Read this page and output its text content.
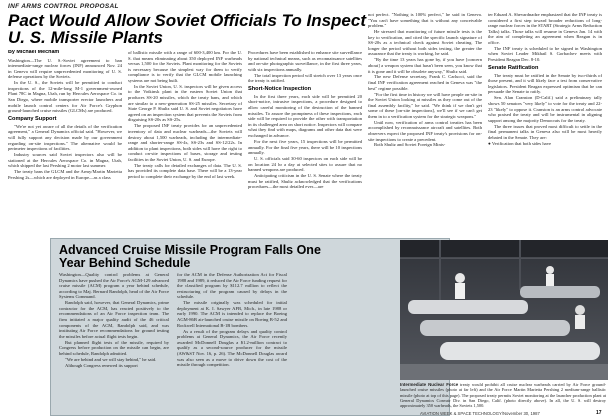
INF ARMS CONTROL PROPOSAL
Pact Would Allow Soviet Officials To Inspect U. S. Missile Plants
By Michael Mecham

Washington—The U. S.-Soviet agreement to ban intermediate-range nuclear forces (INF) announced Nov. 24 in Geneva will require unprecedented monitoring of U. S. defense operations by the Soviets.

In the U. S., the Soviets will be permitted to conduct inspections of the 12-mile-long M-1 government-owned Plant 78C in Magna, Utah, run by Hercules Aerospace Co. in San Diego, where mobile transporter erector launchers and mobile launch control centers for Air Force's Gryphon ground-launched cruise missiles (GLCMs) are produced.

Company Support

"We're not yet aware of all the details of the verification agreement," a General Dynamics official said. "However, we will fully support any decision made by our government regarding on-site inspections." The alternative would be perimeter inspections of facilities.

Industry sources said Soviet inspectors also will be stationed at the Hercules Aerospace Co. in Magna, Utah, which shipped the last Pershing 2 motor last summer.

The treaty bans the GLCM and the Army/Martin Marietta Pershing 2s—which are deployed in Europe—as a class

of ballistic missile with a range of 600-3,400 km. For the U. S. that means eliminating about 350 deployed INF warheads versus 1,500 for the Soviets. Plant monitoring for the Soviets is necessary because the simplest way for them to verify compliance is to verify that the GLCM mobile launching systems are not being built.

In the Soviet Union, U. S. inspectors will be given access to the Votkinsk plant in the eastern Soviet Union that produces SS-20 missiles, which the treaty bans, and which are similar to a new-generation SS-25 missiles. Secretary of State George P. Shultz said U. S. and Soviet negotiators have agreed on an inspection system that prevents the Soviets from disguising SS-20s as SS-25s.

The proposed INF treaty provides for an unprecedented inventory of data and nuclear warheads—the Soviets will destroy about 1,500 warheads, including the intermediate-range and shorter-range SS-4s, SS-23s and SS-12/22s. In addition to plant inspections, both sides will have the right to conduct on-site inspections of bases, storage and testing facilities in the Soviet Union, U. S. and Europe.

The treaty calls for detailed exchanges of data. The U. S. has provided its complete data base. There will be a 13-year period to complete their exchange by the end of last week.

Procedures have been established to enhance site surveillance by national technical means, such as reconnaissance satellites and on-site photographic surveillance, in the first three years, with six inspections annually.

The total inspection period will stretch over 13 years once the treaty is ratified.

Short-Notice Inspection

In the first three years, each side will be permitted 20 short-notice, intrusive inspections, a procedure designed to allow careful monitoring of the destruction of the banned missiles. To assure the promptness of these inspections, each side will be required to provide the other with transportation in its challenged area on short notice. Inspectors will compare what they find with maps, diagrams and other data that were exchanged in advance.

For the next five years, 15 inspections will be permitted annually. For the final five years, there will be 10 inspections annually.

U. S. officials said 30-60 inspectors on each side will be on location 24 hr a day at selected sites to assure that no banned weapons are produced.

Anticipating criticism in the U. S. Senate where the treaty must be ratified, Shultz acknowledged that the verifications procedures—the most detailed ever—are

not perfect. "Nothing is 100% perfect," he said in Geneva. "You can't have something that is without any conceivable problem."

He stressed that monitoring of future missile tests is the key to verification, and cited the specific launch signature of SS-20s as a technical check against Soviet cheating. The longer the period without both sides testing, the greater the assurance that the treaty is working, he said.

"By the time 13 years has gone by, if you have [concern about] a weapon system that hasn't been seen, you know that it is gone and it will be obsolete anyway," Shultz said.

The new Defense secretary, Frank C. Carlucci, said the final INF verification agreement reached in Geneva was "the best" regime possible.

"For the first time in history we will have people on-site in the Soviet Union looking at missiles as they come out of the final assembly facility," he said. "We think if we don't get some of these [on-site inspections], we'll see if we can't get them in to a verification system for the strategic weapons."

Until now, verification of arms control treaties has been accomplished by reconnaissance aircraft and satellites. Both observers expect the proposed INF treaty's provisions for on-site inspections to create a precedent.

Both Shultz and Soviet Foreign Minis-

ter Eduard A. Shevardnadze emphasized that the INF treaty is considered a first step toward broader reductions of long-range nuclear forces in the START (Strategic Arms Reduction Talks) talks. Those talks will resume in Geneva Jan. 14 with the aim of completing an agreement when Reagan is in office.

The INF treaty is scheduled to be signed in Washington when Soviet Leader Mikhail S. Gorbachev meets with President Reagan Dec. 8-10.

Senate Ratification

The treaty must be ratified in the Senate by two-thirds of those present, and it will likely face a test from conservative legislators. President Reagan expressed optimism that he can persuade the Senate to ratify.

Sen. Alan Cranston (D-Calif.) said a preliminary tally shows 50 senators "very likely" to vote for the treaty and 22-23 "likely" to oppose it. Cranston is an arms control advocate who praised the treaty and will be instrumental in aligning support among the majority Democrats for the treaty.

The three issues that proved most difficult to settle in the final permanent talks in Geneva also will be most heavily debated in the Senate. They are:

● Verification that both sides have

Advanced Cruise Missile Program Falls One Year Behind Schedule

Washington—Quality control problems at General Dynamics have pushed the Air Force's AGM-129 advanced cruise missile (ACM) program a year behind schedule, according to Maj. Bernard Randolph, head of the Air Force Systems Command.

Randolph said, however, that General Dynamics, prime contractor for the ACM, has reacted positively to the recommendations of an Air Force inspection team. The firm initiated a major quality audit of the 46 critical components of the ACM, Randolph said, and was instituting Air Force recommendations for ground testing the missiles before actual flight tests begin.

But planned flight tests of the missile, required by Congress before production on the missile can begin, are behind schedule, Randolph admitted.

"We are behind and we will stay behind," he said.

Although Congress renewed its support

for the ACM in the Defense Authorization Act for Fiscal 1988 and 1989, it reduced the Air Force funding request for the classified program by $112.7 million to reflect the restructuring of the program caused by delays in the schedule.

The missile originally was scheduled for initial deployment at K. I. Sawyer AFB, Mich., in late 1988 or early 1990. The ACM is intended to replace the Boeing AGM-86B air-launched cruise missile on Boeing B-52 and Rockwell International B-1B bombers.

As a result of the program delays and quality control problems at General Dynamics, the Air Force recently awarded McDonnell Douglas a $1.2-million contract to qualify as a second-source producer for the missile (AW&ST Nov. 16, p. 26). The McDonnell Douglas award was also seen as a move to drive down the cost of the missile through competition.

Intermediate Nuclear Force treaty would prohibit all cruise nuclear warheads carried by Air Force ground-launched cruise missiles (photo at far left) and the Air Force Martin Marietta Pershing 2 medium-range ballistic missile (photo at top of this page). The proposed treaty permits Soviet monitoring at the launcher production plant at General Dynamics Convair Div. in San Diego, Calif. (photo directly above). In all, the U. S. will destroy approximately 350 warheads, the Soviets 1,500.
AVIATION WEEK & SPACE TECHNOLOGY/November 30, 1987	17
